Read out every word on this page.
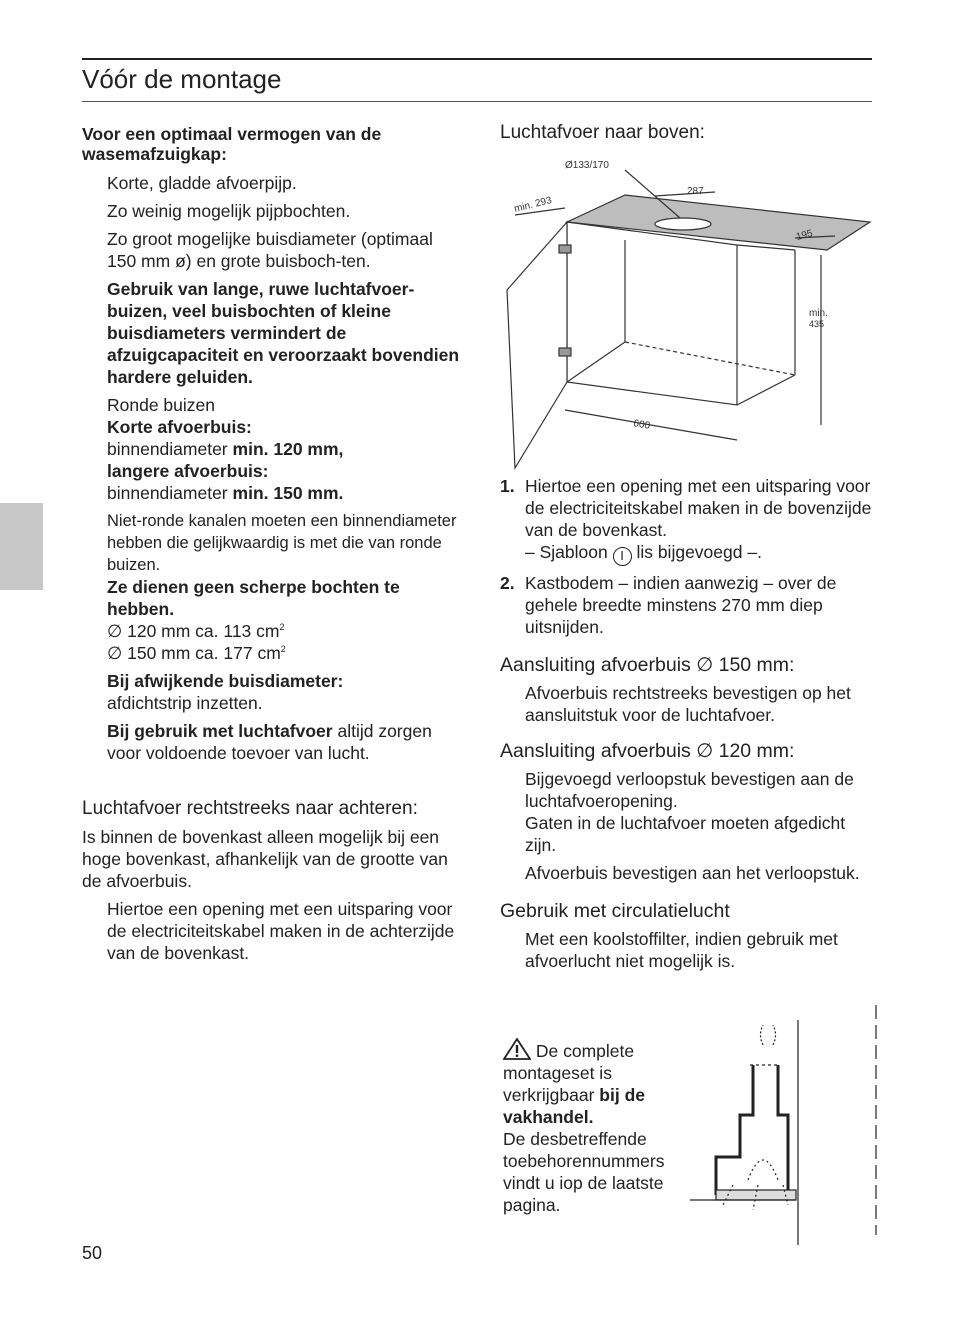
Vóór de montage
Voor een optimaal vermogen van de wasemafzuigkap:
Korte, gladde afvoerpijp.
Zo weinig mogelijk pijpbochten.
Zo groot mogelijke buisdiameter (optimaal 150 mm ø) en grote buisboch-ten.
Gebruik van lange, ruwe luchtafvoer-buizen, veel buisbochten of kleine buisdiameters vermindert de afzuigcapaciteit en veroorzaakt bovendien hardere geluiden.
Ronde buizen
Korte afvoerbuis:
binnendiameter min. 120 mm,
langere afvoerbuis:
binnendiameter min. 150 mm.
Niet-ronde kanalen moeten een binnendiameter hebben die gelijkwaardig is met die van ronde buizen.
Ze dienen geen scherpe bochten te hebben.
∅ 120 mm ca. 113 $cm^2$
∅ 150 mm ca. 177 $cm^2$
Bij afwijkende buisdiameter:
afdichtstrip inzetten.
Bij gebruik met luchtafvoer altijd zorgen voor voldoende toevoer van lucht.
Luchtafvoer rechtstreeks naar achteren:
Is binnen de bovenkast alleen mogelijk bij een hoge bovenkast, afhankelijk van de grootte van de afvoerbuis.
Hiertoe een opening met een uitsparing voor de electriciteitskabel maken in de achterzijde van de bovenkast.
Luchtafvoer naar boven:
Ø133/170
287
min. 293
195
min.
435
600
1. Hiertoe een opening met een uitsparing voor de electriciteitskabel maken in de bovenzijde van de bovenkast.
– Sjabloon I lis bijgevoegd –.
2. Kastbodem – indien aanwezig – over de gehele breedte minstens 270 mm diep uitsnijden.
Aansluiting afvoerbuis ∅ 150 mm:
Afvoerbuis rechtstreeks bevestigen op het aansluitstuk voor de luchtafvoer.
Aansluiting afvoerbuis ∅ 120 mm:
Bijgevoegd verloopstuk bevestigen aan de luchtafvoeropening.
Gaten in de luchtafvoer moeten afgedicht zijn.
Afvoerbuis bevestigen aan het verloopstuk.
Gebruik met circulatielucht
Met een koolstoffilter, indien gebruik met afvoerlucht niet mogelijk is.
De complete montageset is verkrijgbaar bij de vakhandel.
De desbetreffende toebehorennummers vindt u iop de laatste pagina.
50
